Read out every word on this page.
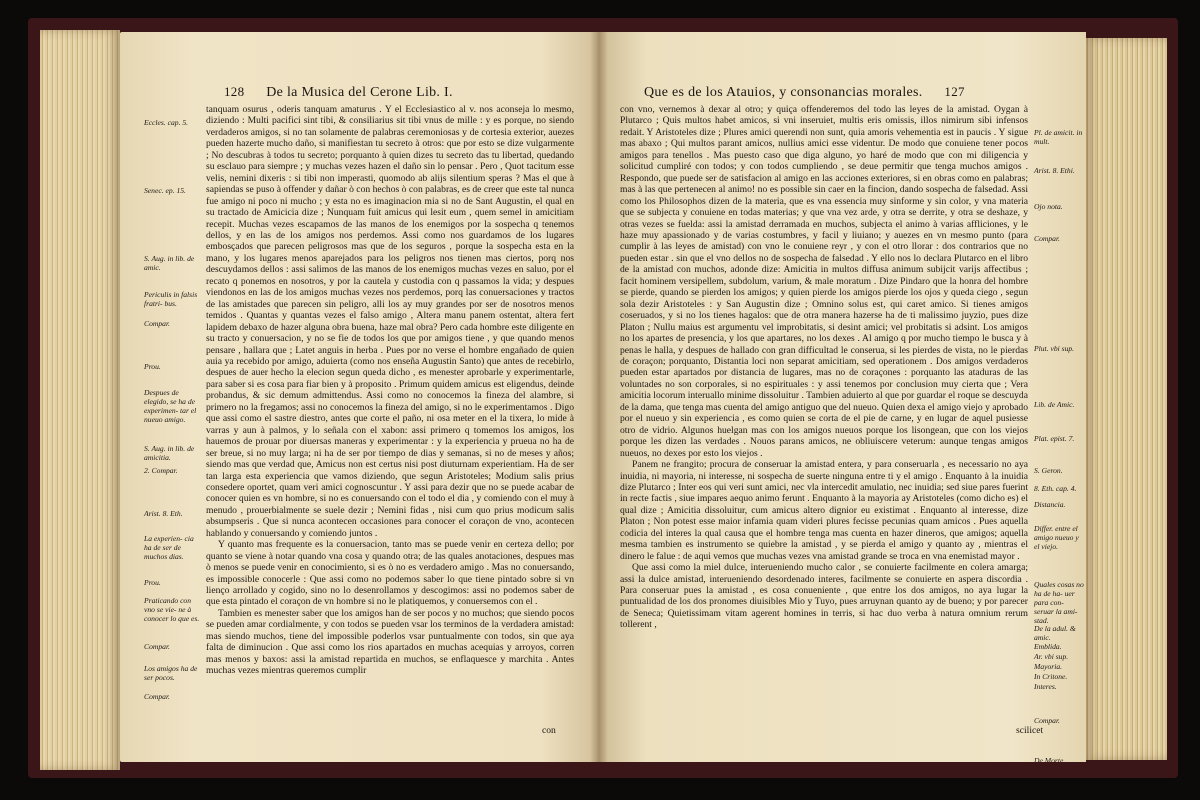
128 De la Musica del Cerone Lib. I.
Eccles. cap. 5.
Senec. ep. 15.
S. Aug. in lib. de amic.
Periculis in falsis fratri- bus.
Compar.
Prou.
Despues de elegido, se ha de experimen- tar el nueuo amigo.
S. Aug. in lib. de amicitia.
2. Compar.
Arist. 8. Eth.
La experien- cia ha de ser de muchos dias.
Prou.
Praticando con vno se vie- ne à conocer lo que es.
Compar.
Los amigos ha de ser pocos.
Compar.

tanquam osurus , oderis tanquam amaturus . Y el Ecclesiastico al v. nos aconseja lo mesmo, diziendo : Multi pacifici sint tibi, & consiliarius sit tibi vnus de mille : y es porque, no siendo verdaderos amigos, si no tan solamente de palabras ceremoniosas y de cortesia exterior, auezes pueden hazerte mucho daño, si manifiestan tu secreto à otros: que por esto se dize vulgarmente ; No descubras à todos tu secreto; porquanto à quien dizes tu secreto das tu libertad, quedando su esclauo para siempre ; y muchas vezes hazen el daño sin lo pensar . Pero , Quot tacitum esse velis, nemini dixeris : si tibi non imperasti, quomodo ab alijs silentium speras ? Mas el que à sapiendas se puso à offender y dañar ò con hechos ò con palabras, es de creer que este tal nunca fue amigo ni poco ni mucho ; y esta no es imaginacion mia si no de Sant Augustin, el qual en su tractado de Amicicia dize ; Nunquam fuit amicus qui lesit eum , quem semel in amicitiam recepit. Muchas vezes escapamos de las manos de los enemigos por la sospecha q tenemos dellos, y en las de los amigos nos perdemos. Assi como nos guardamos de los lugares embosçados que parecen peligrosos mas que de los seguros , porque la sospecha esta en la mano, y los lugares menos aparejados para los peligros nos tienen mas ciertos, porq nos descuydamos dellos : assi salimos de las manos de los enemigos muchas vezes en saluo, por el recato q ponemos en nosotros, y por la cautela y custodia con q passamos la vida; y despues viendonos en las de los amigos muchas vezes nos perdemos, porq las conuersaciones y tractos de las amistades que parecen sin peligro, alli los ay muy grandes por ser de nosotros menos temidos . Quantas y quantas vezes el falso amigo , Altera manu panem ostentat, altera fert lapidem debaxo de hazer alguna obra buena, haze mal obra? Pero cada hombre este diligente en su tracto y conuersacion, y no se fie de todos los que por amigos tiene , y que quando menos pensare , hallara que ; Latet anguis in herba . Pues por no verse el hombre engañado de quien auia ya recebido por amigo, aduierta (como nos enseña Augustin Santo) que antes de recebirlo, despues de auer hecho la elecion segun queda dicho , es menester aprobarle y experimentarle, para saber si es cosa para fiar bien y à proposito . Primum quidem amicus est eligendus, deinde probandus, & sic demum admittendus. Assi como no conocemos la fineza del alambre, si primero no la fregamos; assi no conocemos la fineza del amigo, si no le experimentamos . Digo que assi como el sastre diestro, antes que corte el paño, ni osa meter en el la tixera, lo mide à varras y aun à palmos, y lo señala con el xabon: assi primero q tomemos los amigos, los hauemos de prouar por diuersas maneras y experimentar : y la experiencia y prueua no ha de ser breue, si no muy larga; ni ha de ser por tiempo de dias y semanas, si no de meses y años; siendo mas que verdad que, Amicus non est certus nisi post diuturnam experientiam. Ha de ser tan larga esta experiencia que vamos diziendo, que segun Aristoteles; Modium salis prius consedere oportet, quam veri amici cognoscuntur . Y assi para dezir que no se puede acabar de conocer quien es vn hombre, si no es conuersando con el todo el dia , y comiendo con el muy à menudo , prouerbialmente se suele dezir ; Nemini fidas , nisi cum quo prius modicum salis absumpseris . Que si nunca acontecen occasiones para conocer el coraçon de vno, acontecen hablando y conuersando y comiendo juntos .

Y quanto mas frequente es la conuersacion, tanto mas se puede venir en certeza dello; por quanto se viene à notar quando vna cosa y quando otra; de las quales anotaciones, despues mas ò menos se puede venir en conocimiento, si es ò no es verdadero amigo . Mas no conuersando, es impossible conocerle : Que assi como no podemos saber lo que tiene pintado sobre si vn lienço arrollado y cogido, sino no lo desenrollamos y descogimos: assi no podemos saber de que esta pintado el coraçon de vn hombre si no le platiquemos, y conuersemos con el .

Tambien es menester saber que los amigos han de ser pocos y no muchos; que siendo pocos se pueden amar cordialmente, y con todos se pueden vsar los terminos de la verdadera amistad: mas siendo muchos, tiene del impossible poderlos vsar puntualmente con todos, sin que aya falta de diminucion . Que assi como los rios apartados en muchas acequias y arroyos, corren mas menos y baxos: assi la amistad repartida en muchos, se enflaquesce y marchita . Antes muchas vezes mientras queremos cumplir

con
Que es de los Atauios, y consonancias morales. 127

con vno, vernemos à dexar al otro; y quiça offenderemos del todo las leyes de la amistad. Oygan à Plutarco ; Quis multos habet amicos, si vni inseruiet, multis eris omissis, illos nimirum sibi infensos redait. Y Aristoteles dize ; Plures amici querendi non sunt, quia amoris vehementia est in paucis . Y sigue mas abaxo ; Qui multos parant amicos, nullius amici esse videntur. De modo que conuiene tener pocos amigos para tenellos . Mas puesto caso que diga alguno, yo haré de modo que con mi diligencia y solicitud cumpliré con todos; y con todos cumpliendo , se deue permitir que tenga muchos amigos . Respondo, que puede ser de satisfacion al amigo en las acciones exteriores, si en obras como en palabras; mas à las que pertenecen al animo! no es possible sin caer en la fincion, dando sospecha de falsedad. Assi como los Philosophos dizen de la materia, que es vna essencia muy sinforme y sin color, y vna materia que se subjecta y conuiene en todas materias; y que vna vez arde, y otra se derrite, y otra se deshaze, y otras vezes se fuelda: assi la amistad derramada en muchos, subjecta el animo à varias affliciones, y le haze muy apassionado y de varias costumbres, y facil y liuiano; y auezes en vn mesmo punto (para cumplir à las leyes de amistad) con vno le conuiene reyr , y con el otro llorar : dos contrarios que no pueden estar . sin que el vno dellos no de sospecha de falsedad . Y ello nos lo declara Plutarco en el libro de la amistad con muchos, adonde dize: Amicitia in multos diffusa animum subijcit varijs affectibus ; facit hominem versipellem, subdolum, varium, & male moratum . Dize Pindaro que la honra del hombre se pierde, quando se pierden los amigos; y quien pierde los amigos pierde los ojos y queda ciego , segun sola dezir Aristoteles : y San Augustin dize ; Omnino solus est, qui caret amico. Si tienes amigos coseruados, y si no los tienes hagalos: que de otra manera hazerse ha de ti malissimo juyzio, pues dize Platon ; Nullu maius est argumentu vel improbitatis, si desint amici; vel probitatis si adsint. Los amigos no los apartes de presencia, y los que apartares, no los dexes . Al amigo q por mucho tiempo le busca y à penas le halla, y despues de hallado con gran difficultad le conserua, si les pierdes de vista, no le pierdas de coraçon; porquanto, Distantia loci non separat amicitiam, sed operationem . Dos amigos verdaderos pueden estar apartados por distancia de lugares, mas no de coraçones : porquanto las ataduras de las voluntades no son corporales, si no espirituales : y assi tenemos por conclusion muy cierta que ; Vera amicitia locorum interuallo minime dissoluitur . Tambien aduierto al que por guardar el roque se descuyda de la dama, que tenga mas cuenta del amigo antiguo que del nueuo. Quien dexa el amigo viejo y aprobado por el nueuo y sin experiencia , es como quien se corta de el pie de carne, y en lugar de aquel pusiesse otro de vidrio. Algunos huelgan mas con los amigos nueuos porque los lisongean, que con los viejos porque les dizen las verdades . Nouos parans amicos, ne obliuiscere veterum: aunque tengas amigos nueuos, no dexes por esto los viejos .

Panem ne frangito; procura de conseruar la amistad entera, y para conseruarla , es necessario no aya inuidia, ni mayoria, ni interesse, ni sospecha de suerte ninguna entre ti y el amigo . Enquanto à la inuidia dize Plutarco ; Inter eos qui veri sunt amici, nec vla intercedit amulatio, nec inuidia; sed siue pares fuerint in recte factis , siue impares aequo animo ferunt . Enquanto à la mayoria ay Aristoteles (como dicho es) el qual dize ; Amicitia dissoluitur, cum amicus altero dignior eu existimat . Enquanto al interesse, dize Platon ; Non potest esse maior infamia quam videri plures fecisse pecunias quam amicos . Pues aquella codicia del interes la qual causa que el hombre tenga mas cuenta en hazer dineros, que amigos; aquella mesma tambien es instrumento se quiebre la amistad , y se pierda el amigo y quanto ay , mientras el dinero le falue : de aqui vemos que muchas vezes vna amistad grande se troca en vna enemistad mayor .

Que assi como la miel dulce, interueniendo mucho calor , se conuierte facilmente en colera amarga; assi la dulce amistad, interueniendo desordenado interes, facilmente se conuierte en aspera discordia . Para conseruar pues la amistad , es cosa conueniente , que entre los dos amigos, no aya lugar la puntualidad de los dos pronomes diuisibles Mio y Tuyo, pues arruynan quanto ay de bueno; y por parecer de Seneca; Quietissimam vitam agerent homines in terris, si hac duo verba à natura omnium rerum tollerent ,

Pl. de amicit. in mult.
Arist. 8. Ethi.
Ojo nota.
Compar.
Plut. vbi sup.
Lib. de Amic.
Plat. epist. 7.
S. Geron.
8. Eth. cap. 4.
Distancia.
Differ. entre el amigo nueuo y el viejo.
Quales cosas no ha de ha- uer para con- seruar la ami- stad.
De la adul. & amic.
Emblida.
Ar. vbi sup.
Mayoria.
In Critone.
Interes.
Compar.
De Morte.
scilicet
